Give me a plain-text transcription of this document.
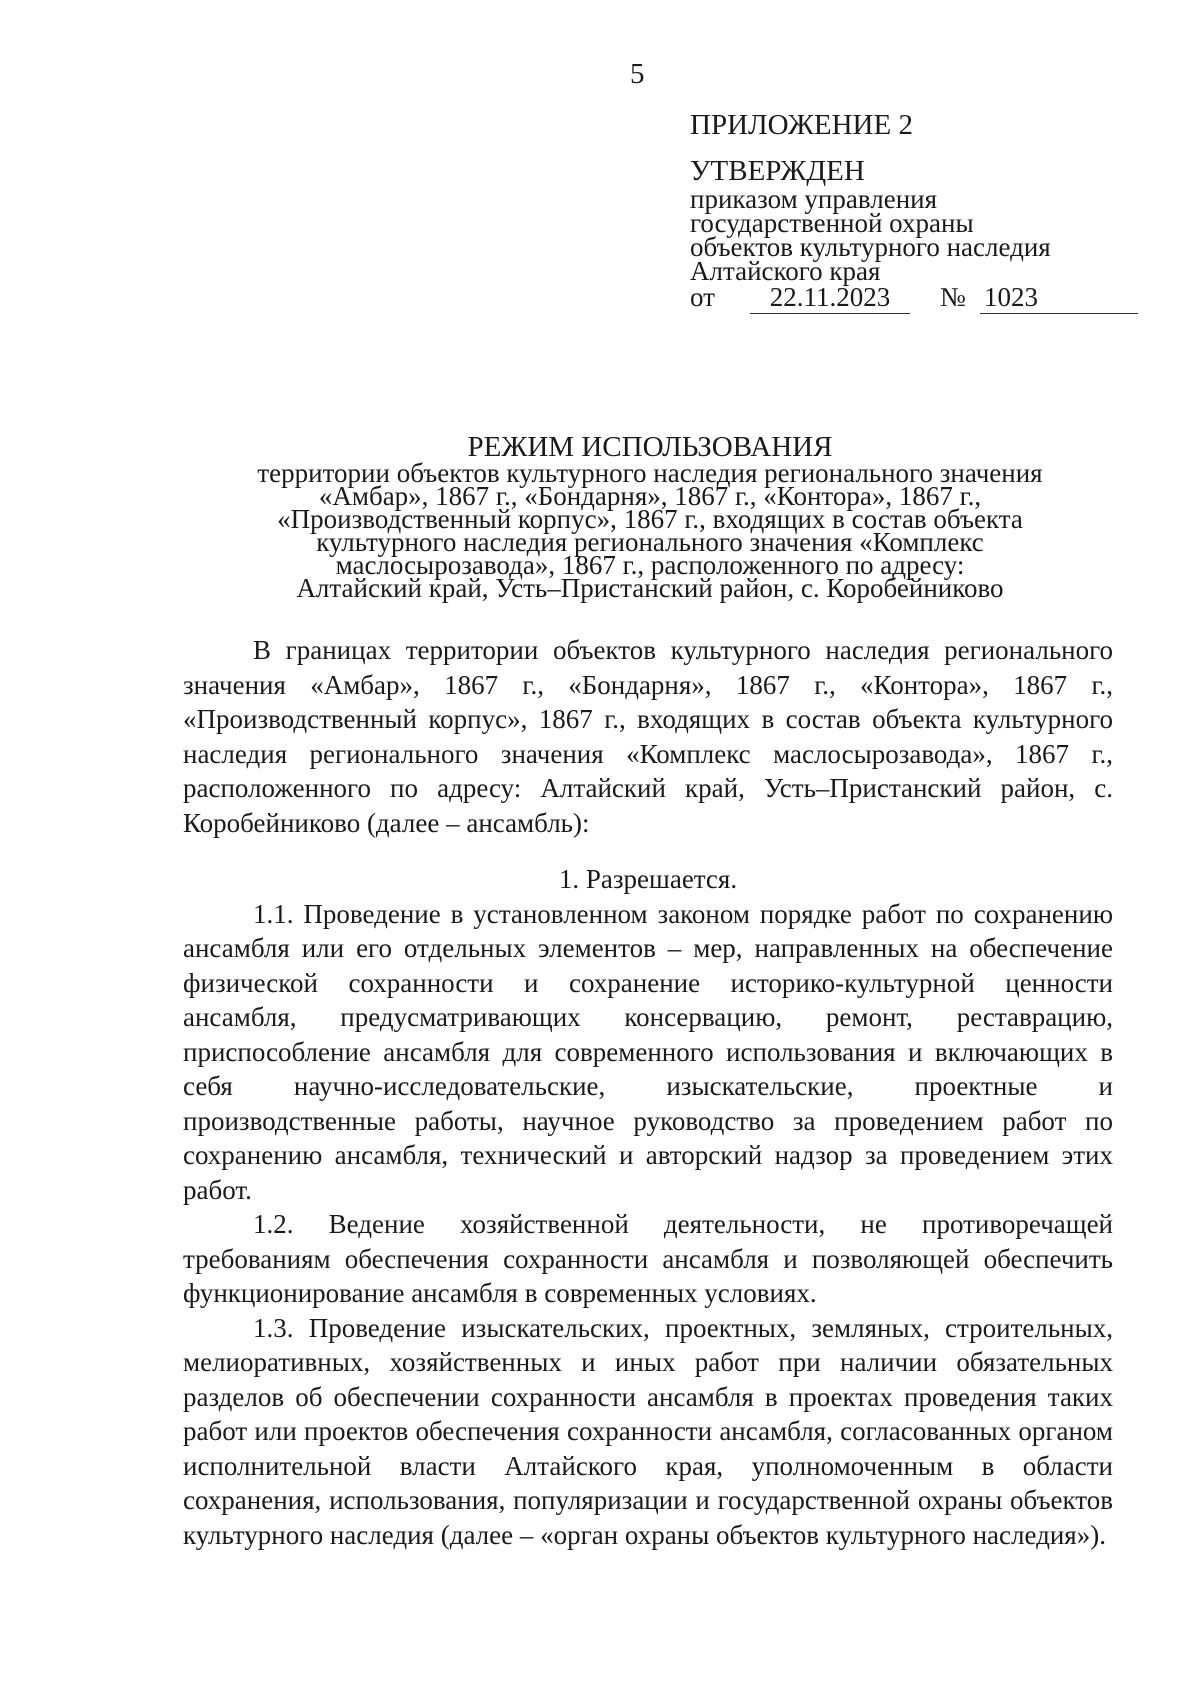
5
ПРИЛОЖЕНИЕ 2
УТВЕРЖДЕН
приказом управления
государственной охраны
объектов культурного наследия
Алтайского края
от 22.11.2023 № 1023
РЕЖИМ ИСПОЛЬЗОВАНИЯ
территории объектов культурного наследия регионального значения
«Амбар», 1867 г., «Бондарня», 1867 г., «Контора», 1867 г.,
«Производственный корпус», 1867 г., входящих в состав объекта
культурного наследия регионального значения «Комплекс
маслосырозавода», 1867 г., расположенного по адресу:
Алтайский край, Усть–Пристанский район, с. Коробейниково

В границах территории объектов культурного наследия регионального значения «Амбар», 1867 г., «Бондарня», 1867 г., «Контора», 1867 г., «Производственный корпус», 1867 г., входящих в состав объекта культурного наследия регионального значения «Комплекс маслосырозавода», 1867 г., расположенного по адресу: Алтайский край, Усть–Пристанский район, с. Коробейниково (далее – ансамбль):

1. Разрешается.

1.1. Проведение в установленном законом порядке работ по сохранению ансамбля или его отдельных элементов – мер, направленных на обеспечение физической сохранности и сохранение историко-культурной ценности ансамбля, предусматривающих консервацию, ремонт, реставрацию, приспособление ансамбля для современного использования и включающих в себя научно-исследовательские, изыскательские, проектные и производственные работы, научное руководство за проведением работ по сохранению ансамбля, технический и авторский надзор за проведением этих работ.

1.2. Ведение хозяйственной деятельности, не противоречащей требованиям обеспечения сохранности ансамбля и позволяющей обеспечить функционирование ансамбля в современных условиях.

1.3. Проведение изыскательских, проектных, земляных, строительных, мелиоративных, хозяйственных и иных работ при наличии обязательных разделов об обеспечении сохранности ансамбля в проектах проведения таких работ или проектов обеспечения сохранности ансамбля, согласованных органом исполнительной власти Алтайского края, уполномоченным в области сохранения, использования, популяризации и государственной охраны объектов культурного наследия (далее – «орган охраны объектов культурного наследия»).
